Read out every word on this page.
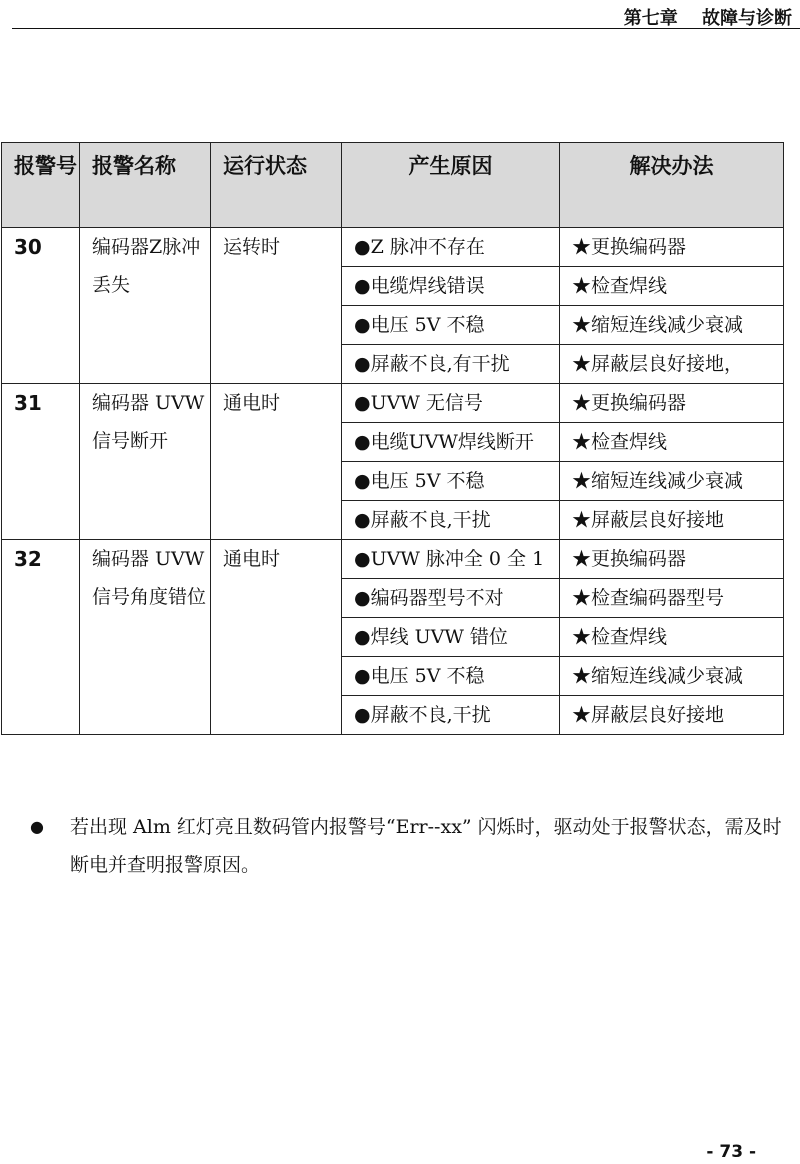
第七章　 故障与诊断
报警号	报警名称	运行状态	产生原因	解决办法
30	编码器Z脉冲丢失	运转时	●Z 脉冲不存在	★更换编码器
			●电缆焊线错误	★检查焊线
			●电压 5V 不稳	★缩短连线减少衰减
			●屏蔽不良,有干扰	★屏蔽层良好接地，
31	编码器 UVW 信号断开	通电时	●UVW 无信号	★更换编码器
			●电缆UVW焊线断开	★检查焊线
			●电压 5V 不稳	★缩短连线减少衰减
			●屏蔽不良,干扰	★屏蔽层良好接地
32	编码器 UVW 信号角度错位	通电时	●UVW 脉冲全 0 全 1	★更换编码器
			●编码器型号不对	★检查编码器型号
			●焊线 UVW 错位	★检查焊线
			●电压 5V 不稳	★缩短连线减少衰减
			●屏蔽不良,干扰	★屏蔽层良好接地
● 若出现 Alm 红灯亮且数码管内报警号“Err--xx” 闪烁时，驱动处于报警状态，需及时断电并查明报警原因。
- 73 -
